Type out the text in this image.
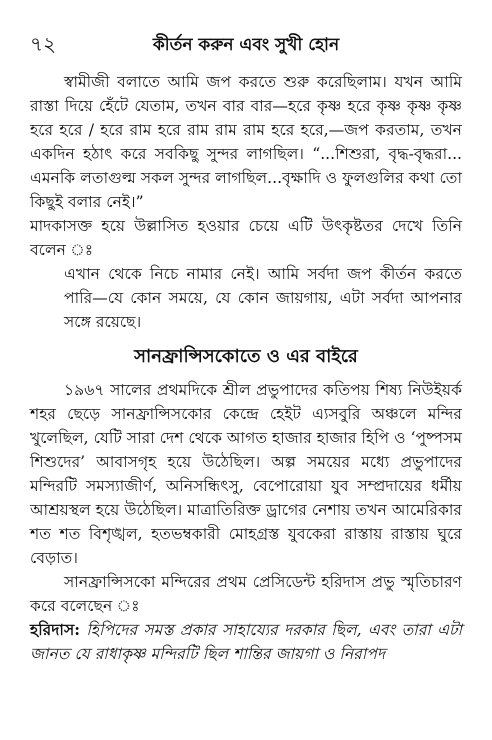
৭২	কীর্তন করুন এবং সুখী হোন

স্বামীজী বলাতে আমি জপ করতে শুরু করেছিলাম। যখন আমি রাস্তা দিয়ে হেঁটে যেতাম, তখন বার বার—হরে কৃষ্ণ হরে কৃষ্ণ কৃষ্ণ কৃষ্ণ হরে হরে / হরে রাম হরে রাম রাম রাম হরে হরে,—জপ করতাম, তখন একদিন হঠাৎ করে সবকিছু সুন্দর লাগছিল। “...শিশুরা, বৃদ্ধ-বৃদ্ধরা... এমনকি লতাগুল্ম সকল সুন্দর লাগছিল...বৃক্ষাদি ও ফুলগুলির কথা তো কিছুই বলার নেই।”

মাদকাসক্ত হয়ে উল্লাসিত হওয়ার চেয়ে এটি উৎকৃষ্টতর দেখে তিনি বলেন ঃ

এখান থেকে নিচে নামার নেই। আমি সর্বদা জপ কীর্তন করতে পারি—যে কোন সময়ে, যে কোন জায়গায়, এটা সর্বদা আপনার সঙ্গে রয়েছে।

সানফ্রান্সিসকোতে ও এর বাইরে

১৯৬৭ সালের প্রথমদিকে শ্রীল প্রভুপাদের কতিপয় শিষ্য নিউইয়র্ক শহর ছেড়ে সানফ্রান্সিসকোর কেন্দ্রে হেইট এ্যসবুরি অঞ্চলে মন্দির খুলেছিল, যেটি সারা দেশ থেকে আগত হাজার হাজার হিপি ও ‘পুষ্পসম শিশুদের’ আবাসগৃহ হয়ে উঠেছিল। অল্প সময়ের মধ্যে প্রভুপাদের মন্দিরটি সমস্যাজীর্ণ, অনিসন্ধিৎসু, বেপোরোয়া যুব সম্প্রদায়ের ধর্মীয় আশ্রয়স্থল হয়ে উঠেছিল। মাত্রাতিরিক্ত ড্রাগের নেশায় তখন আমেরিকার শত শত বিশৃঙ্খল, হতভম্বকারী মোহগ্রস্ত যুবকেরা রাস্তায় রাস্তায় ঘুরে বেড়াত।

সানফ্রান্সিসকো মন্দিরের প্রথম প্রেসিডেন্ট হরিদাস প্রভু স্মৃতিচারণ করে বলেছেন ঃ

হরিদাস: হিপিদের সমস্ত প্রকার সাহায্যের দরকার ছিল, এবং তারা এটা জানত যে রাধাকৃষ্ণ মন্দিরটি ছিল শান্তির জায়গা ও নিরাপদ
